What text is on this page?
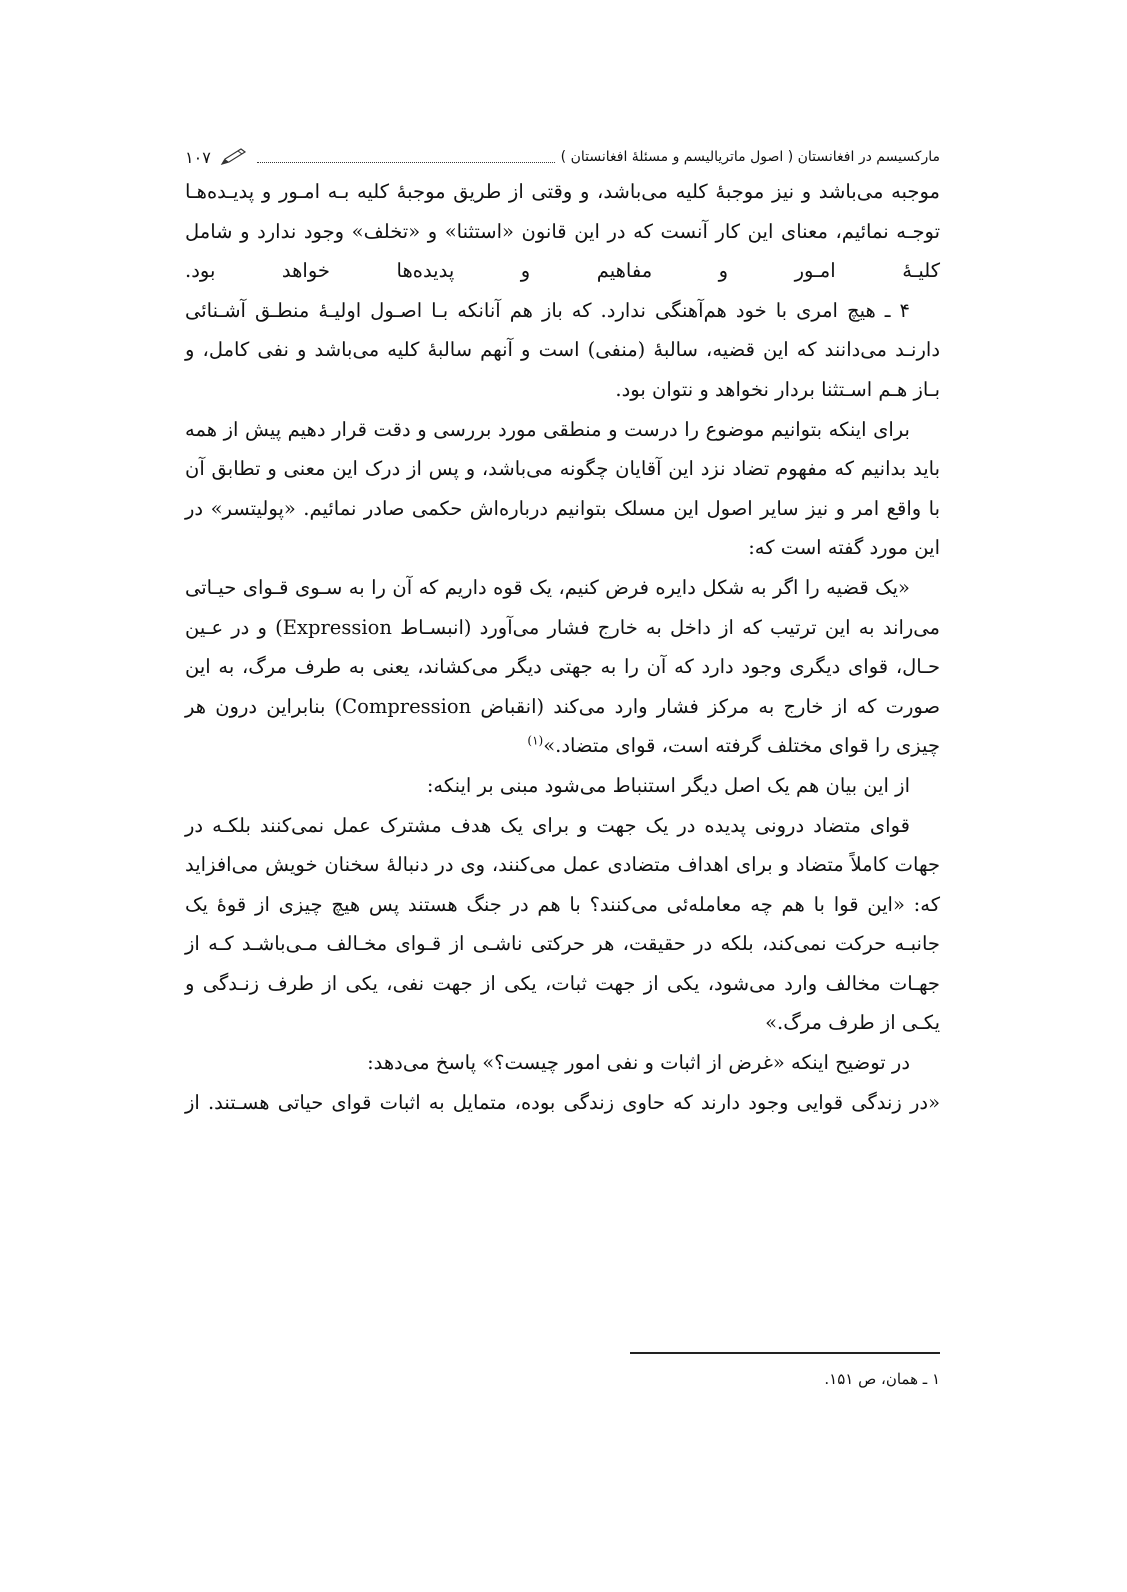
مارکسیسم در افغانستان ( اصول ماتریالیسم و مسئلهٔ افغانستان )
۱۰۷

موجبه می‌باشد و نیز موجبهٔ کلیه می‌باشد، و وقتی از طریق موجبهٔ کلیه بـه امـور و پدیـده‌هـا توجـه نمائیم، معنای این کار آنست که در این قانون «استثنا» و «تخلف» وجود ندارد و شامل کلیـهٔ امـور و مفاهیم و پدیده‌ها خواهد بود.

۴ ـ هیچ امری با خود هم‌آهنگی ندارد. که باز هم آنانکه بـا اصـول اولیـهٔ منطـق آشـنائی دارنـد می‌دانند که این قضیه، سالبهٔ (منفی) است و آنهم سالبهٔ کلیه می‌باشد و نفی کامل، و بـاز هـم اسـتثنا بردار نخواهد و نتوان بود.

برای اینکه بتوانیم موضوع را درست و منطقی مورد بررسی و دقت قرار دهیم پیش از همه باید بدانیم که مفهوم تضاد نزد این آقایان چگونه می‌باشد، و پس از درک این معنی و تطابق آن با واقع امر و نیز سایر اصول این مسلک بتوانیم درباره‌اش حکمی صادر نمائیم. «پولیتسر» در این مورد گفته است که:

«یک قضیه را اگر به شکل دایره فرض کنیم، یک قوه داریم که آن را به سـوی قـوای حیـاتی می‌راند به این ترتیب که از داخل به خارج فشار می‌آورد (انبسـاط Expression) و در عـین حـال، قوای دیگری وجود دارد که آن را به جهتی دیگر می‌کشاند، یعنی به طرف مرگ، به این صورت که از خارج به مرکز فشار وارد می‌کند (انقباض Compression) بنابراین درون هر چیزی را قوای مختلف گرفته است، قوای متضاد.»$^{(۱)}$

از این بیان هم یک اصل دیگر استنباط می‌شود مبنی بر اینکه:

قوای متضاد درونی پدیده در یک جهت و برای یک هدف مشترک عمل نمی‌کنند بلکـه در جهات کاملاً متضاد و برای اهداف متضادی عمل می‌کنند، وی در دنبالهٔ سخنان خویش می‌افزاید که: «این قوا با هم چه معامله‌ئی می‌کنند؟ با هم در جنگ هستند پس هیچ چیزی از قوهٔ یک جانبـه حرکت نمی‌کند، بلکه در حقیقت، هر حرکتی ناشـی از قـوای مخـالف مـی‌باشـد کـه از جهـات مخالف وارد می‌شود، یکی از جهت ثبات، یکی از جهت نفی، یکی از طرف زنـدگی و یکـی از طرف مرگ.»

در توضیح اینکه «غرض از اثبات و نفی امور چیست؟» پاسخ می‌دهد:

«در زندگی قوایی وجود دارند که حاوی زندگی بوده، متمایل به اثبات قوای حیاتی هسـتند. از

۱ ـ همان، ص ۱۵۱.
